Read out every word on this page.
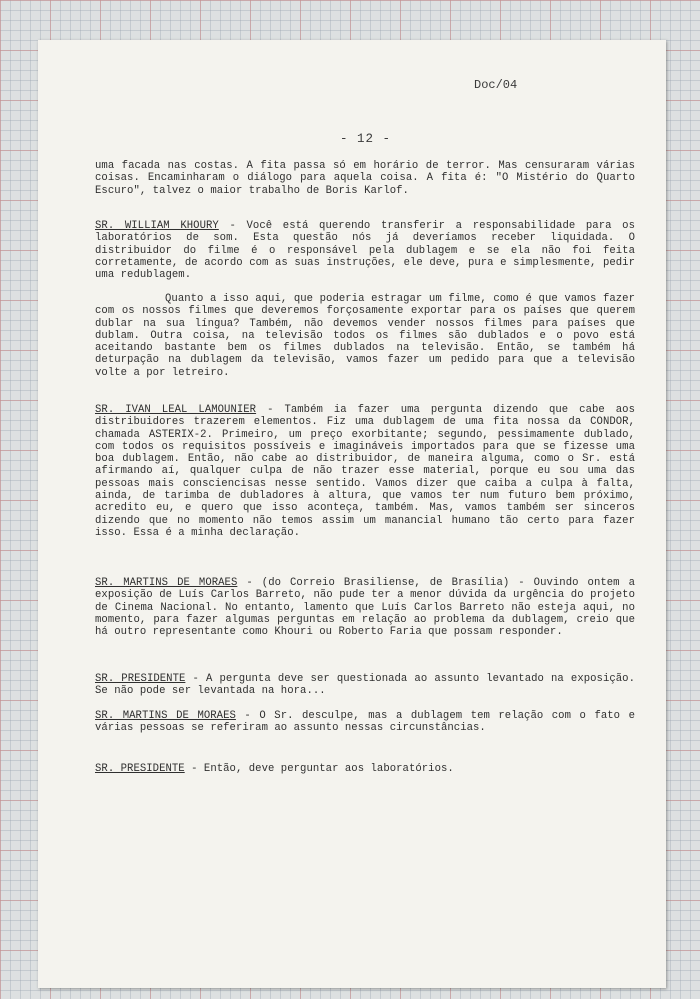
Doc/04
- 12 -
uma facada nas costas. A fita passa só em horário de terror. Mas censuraram várias coisas. Encaminharam o diálogo para aquela coisa. A fita é: "O Mistério do Quarto Escuro", talvez o maior trabalho de Boris Karlof.
SR. WILLIAM KHOURY - Você está querendo transferir a responsabilidade para os laboratórios de som. Esta questão nós já deveríamos receber liquidada. O distribuidor do filme é o responsável pela dublagem e se ela não foi feita corretamente, de acordo com as suas instruções, ele deve, pura e simplesmente, pedir uma redublagem.
Quanto a isso aqui, que poderia estragar um filme, como é que vamos fazer com os nossos filmes que deveremos forçosamente exportar para os países que querem dublar na sua língua? Também, não devemos vender nossos filmes para países que dublam. Outra coisa, na televisão todos os filmes são dublados e o povo está aceitando bastante bem os filmes dublados na televisão. Então, se também há deturpação na dublagem da televisão, vamos fazer um pedido para que a televisão volte a por letreiro.
SR. IVAN LEAL LAMOUNIER - Também ia fazer uma pergunta dizendo que cabe aos distribuidores trazerem elementos. Fiz uma dublagem de uma fita nossa da CONDOR, chamada ASTERIX-2. Primeiro, um preço exorbitante; segundo, pessimamente dublado, com todos os requisitos possíveis e imagináveis importados para que se fizesse uma boa dublagem. Então, não cabe ao distribuidor, de maneira alguma, como o Sr. está afirmando aí, qualquer culpa de não trazer esse material, porque eu sou uma das pessoas mais consciencisas nesse sentido. Vamos dizer que caiba a culpa à falta, ainda, de tarimba de dubladores à altura, que vamos ter num futuro bem próximo, acredito eu, e quero que isso aconteça, também. Mas, vamos também ser sinceros dizendo que no momento não temos assim um manancial humano tão certo para fazer isso. Essa é a minha declaração.
SR. MARTINS DE MORAES - (do Correio Brasiliense, de Brasília) - Ouvindo ontem a exposição de Luís Carlos Barreto, não pude ter a menor dúvida da urgência do projeto de Cinema Nacional. No entanto, lamento que Luís Carlos Barreto não esteja aqui, no momento, para fazer algumas perguntas em relação ao problema da dublagem, creio que há outro representante como Khouri ou Roberto Faria que possam responder.
SR. PRESIDENTE - A pergunta deve ser questionada ao assunto levantado na exposição. Se não pode ser levantada na hora...
SR. MARTINS DE MORAES - O Sr. desculpe, mas a dublagem tem relação com o fato e várias pessoas se referiram ao assunto nessas circunstâncias.
SR. PRESIDENTE - Então, deve perguntar aos laboratórios.
